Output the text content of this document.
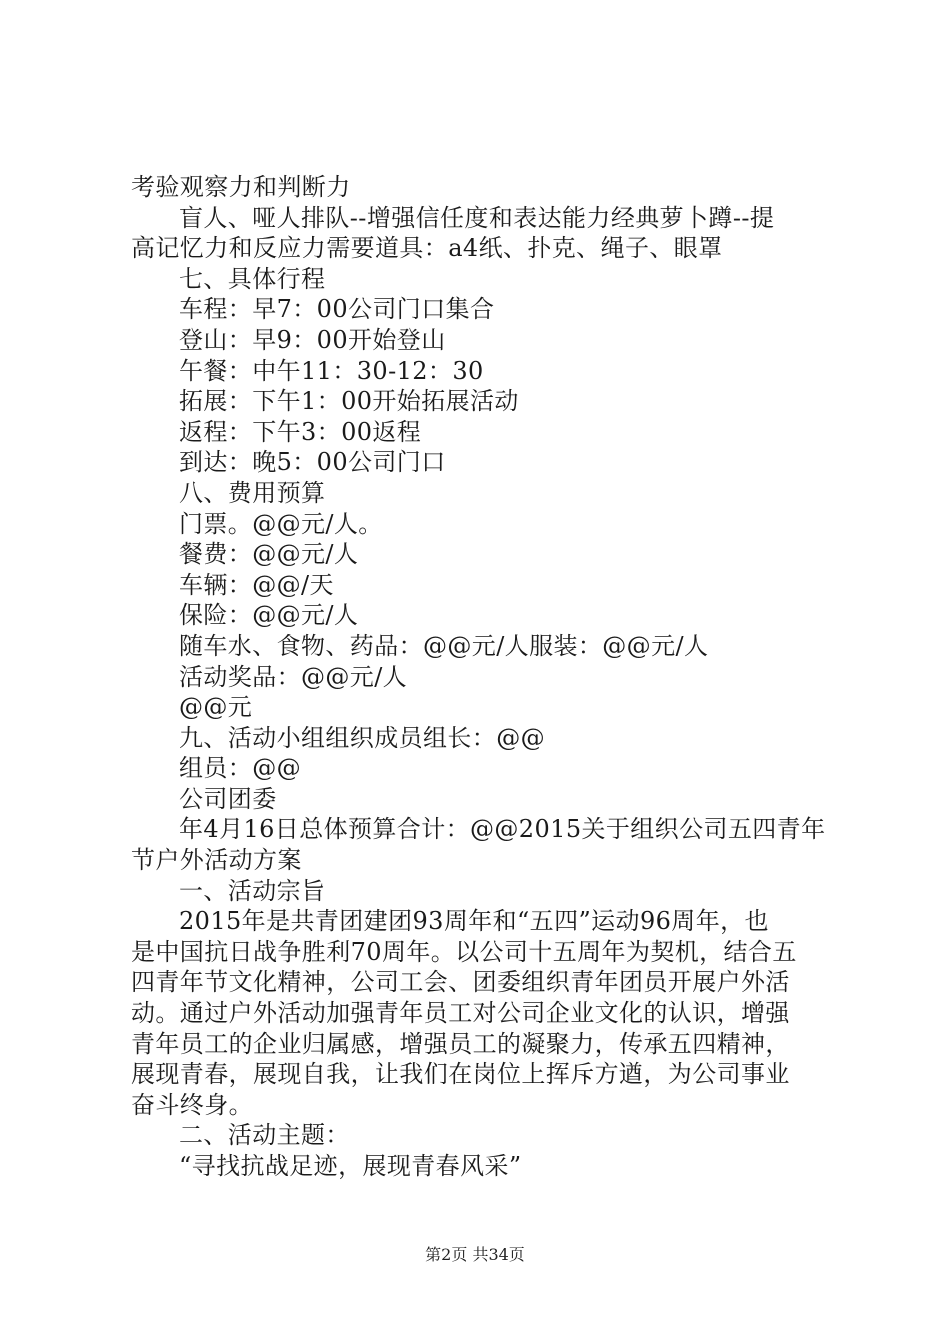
考验观察力和判断力
盲人、哑人排队--增强信任度和表达能力经典萝卜蹲--提
高记忆力和反应力需要道具：a4纸、扑克、绳子、眼罩
七、具体行程
车程：早7：00公司门口集合
登山：早9：00开始登山
午餐：中午11：30-12：30
拓展：下午1：00开始拓展活动
返程：下午3：00返程
到达：晚5：00公司门口
八、费用预算
门票。@@元/人。
餐费：@@元/人
车辆：@@/天
保险：@@元/人
随车水、食物、药品：@@元/人服装：@@元/人
活动奖品：@@元/人
@@元
九、活动小组组织成员组长：@@
组员：@@
公司团委
年4月16日总体预算合计：@@2015关于组织公司五四青年
节户外活动方案
一、活动宗旨
2015年是共青团建团93周年和“五四”运动96周年，也
是中国抗日战争胜利70周年。以公司十五周年为契机，结合五
四青年节文化精神，公司工会、团委组织青年团员开展户外活
动。通过户外活动加强青年员工对公司企业文化的认识，增强
青年员工的企业归属感，增强员工的凝聚力，传承五四精神，
展现青春，展现自我，让我们在岗位上挥斥方遒，为公司事业
奋斗终身。
二、活动主题：
“寻找抗战足迹，展现青春风采”
第2页 共34页
